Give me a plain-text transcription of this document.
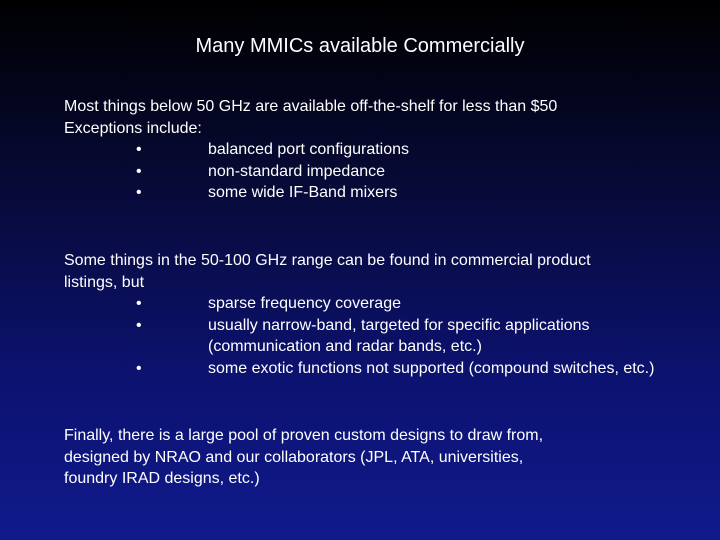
Many MMICs available Commercially
Most things below 50 GHz are available off-the-shelf for less than $50
Exceptions include:
•	balanced port configurations
•	non-standard impedance
•	some wide IF-Band mixers
Some things in the 50-100 GHz range can be found in commercial product
listings, but
•	sparse frequency coverage
•	usually narrow-band, targeted for specific applications
(communication and radar bands, etc.)
•	some exotic functions not supported (compound switches, etc.)
Finally, there is a large pool of proven custom designs to draw from,
designed by NRAO and our collaborators (JPL, ATA, universities,
foundry IRAD designs, etc.)
